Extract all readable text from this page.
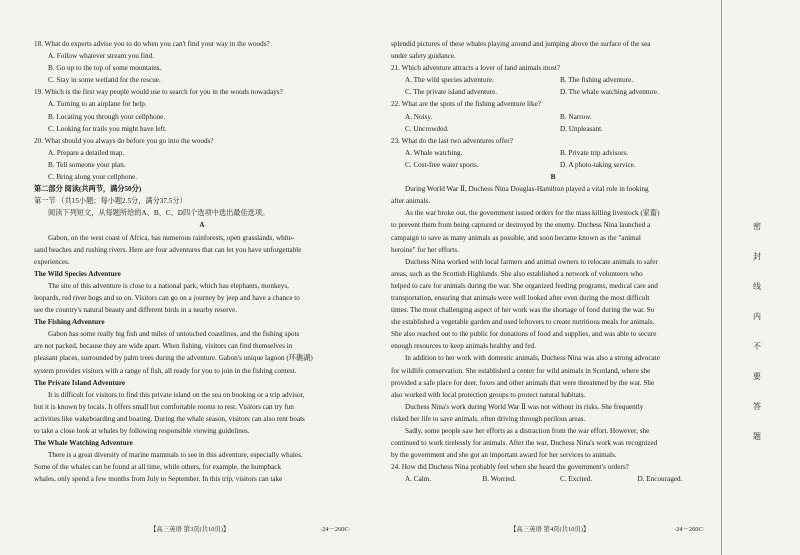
18. What do experts advise you to do when you can't find your way in the woods?

A. Follow whatever stream you find.

B. Go up to the top of some mountains.

C. Stay in some wetland for the rescue.

19. Which is the first way people would use to search for you in the woods nowadays?

A. Turning to an airplane for help.

B. Locating you through your cellphone.

C. Looking for trails you might have left.

20. What should you always do before you go into the woods?

A. Prepare a detailed map.

B. Tell someone your plan.

C. Bring along your cellphone.

第二部分 阅读(共两节，满分50分)

第一节 （共15小题；每小题2.5分，满分37.5分）

阅读下列短文，从每题所给的A、B、C、D四个选项中选出最佳选项。

A

Gabon, on the west coast of Africa, has numerous rainforests, open grasslands, white-

sand beaches and rushing rivers. Here are four adventures that can let you have unforgettable

experiences.

The Wild Species Adventure

The site of this adventure is close to a national park, which has elephants, monkeys,

leopards, red river hogs and so on. Visitors can go on a journey by jeep and have a chance to

see the country's natural beauty and different birds in a nearby reserve.

The Fishing Adventure

Gabon has some really big fish and miles of untouched coastlines, and the fishing spots

are not packed, because they are wide apart. When fishing, visitors can find themselves in

pleasant places, surrounded by palm trees during the adventure. Gabon's unique lagoon (环礁湖)

system provides visitors with a range of fish, all ready for you to join in the fishing contest.

The Private Island Adventure

It is difficult for visitors to find this private island on the sea on booking or a trip advisor,

but it is known by locals. It offers small but comfortable rooms to rest. Visitors can try fun

activities like wakeboarding and boating. During the whale season, visitors can also rent boats

to take a close look at whales by following responsible viewing guidelines.

The Whale Watching Adventure

There is a great diversity of marine mammals to see in this adventure, especially whales.

Some of the whales can be found at all time, while others, for example, the humpback

whales, only spend a few months from July to September. In this trip, visitors can take

splendid pictures of these whales playing around and jumping above the surface of the sea

under safety guidance.

21. Which adventure attracts a lover of land animals most?

A. The wild species adventure.	B. The fishing adventure.

C. The private island adventure.	D. The whale watching adventure.

22. What are the spots of the fishing adventure like?

A. Noisy.	B. Narrow.

C. Uncrowded.	D. Unpleasant.

23. What do the last two adventures offer?

A. Whale watching.	B. Private trip advisors.

C. Cost-free water sports.	D. A photo-taking service.

B

During World War Ⅱ, Duchess Nina Douglas-Hamilton played a vital role in looking

after animals.

As the war broke out, the government issued orders for the mass killing livestock (家畜)

to prevent them from being captured or destroyed by the enemy. Duchess Nina launched a

campaign to save as many animals as possible, and soon became known as the "animal

heroine" for her efforts.

Duchess Nina worked with local farmers and animal owners to relocate animals to safer

areas, such as the Scottish Highlands. She also established a network of volunteers who

helped to care for animals during the war. She organized feeding programs, medical care and

transportation, ensuring that animals were well looked after even during the most difficult

times. The most challenging aspect of her work was the shortage of food during the war. So

she established a vegetable garden and used leftovers to create nutritious meals for animals.

She also reached out to the public for donations of food and supplies, and was able to secure

enough resources to keep animals healthy and fed.

In addition to her work with domestic animals, Duchess Nina was also a strong advocate

for wildlife conservation. She established a center for wild animals in Scotland, where she

provided a safe place for deer, foxes and other animals that were threatened by the war. She

also worked with local protection groups to protect natural habitats.

Duchess Nina's work during World War Ⅱ was not without its risks. She frequently

risked her life to save animals, often driving through perilous areas.

Sadly, some people saw her efforts as a distraction from the war effort. However, she

continued to work tirelessly for animals. After the war, Duchess Nina's work was recognized

by the government and she got an important award for her services to animals.

24. How did Duchess Nina probably feel when she heard the government's orders?

A. Calm.	B. Worried.	C. Excited.	D. Encouraged.
【高三英语 第3页(共10页)】	·24－260C·	【高三英语 第4页(共10页)】	·24－260C·
密
封
线
内
不
要
答
题
